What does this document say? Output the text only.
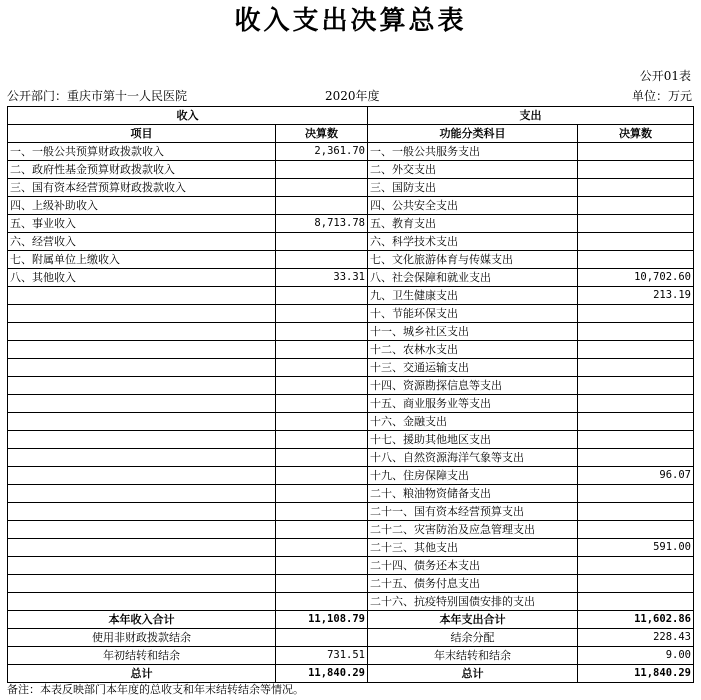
收入支出决算总表
公开01表
公开部门：重庆市第十一人民医院	2020年度	单位：万元
收入		支出	
项目	决算数	功能分类科目	决算数
一、一般公共预算财政拨款收入	2,361.70	一、一般公共服务支出	
二、政府性基金预算财政拨款收入		二、外交支出	
三、国有资本经营预算财政拨款收入		三、国防支出	
四、上级补助收入		四、公共安全支出	
五、事业收入	8,713.78	五、教育支出	
六、经营收入		六、科学技术支出	
七、附属单位上缴收入		七、文化旅游体育与传媒支出	
八、其他收入	33.31	八、社会保障和就业支出	10,702.60
		九、卫生健康支出	213.19
		十、节能环保支出	
		十一、城乡社区支出	
		十二、农林水支出	
		十三、交通运输支出	
		十四、资源勘探信息等支出	
		十五、商业服务业等支出	
		十六、金融支出	
		十七、援助其他地区支出	
		十八、自然资源海洋气象等支出	
		十九、住房保障支出	96.07
		二十、粮油物资储备支出	
		二十一、国有资本经营预算支出	
		二十二、灾害防治及应急管理支出	
		二十三、其他支出	591.00
		二十四、债务还本支出	
		二十五、债务付息支出	
		二十六、抗疫特别国债安排的支出	
本年收入合计	11,108.79	本年支出合计	11,602.86
使用非财政拨款结余		结余分配	228.43
年初结转和结余	731.51	年末结转和结余	9.00
总计	11,840.29	总计	11,840.29
备注：本表反映部门本年度的总收支和年末结转结余等情况。
